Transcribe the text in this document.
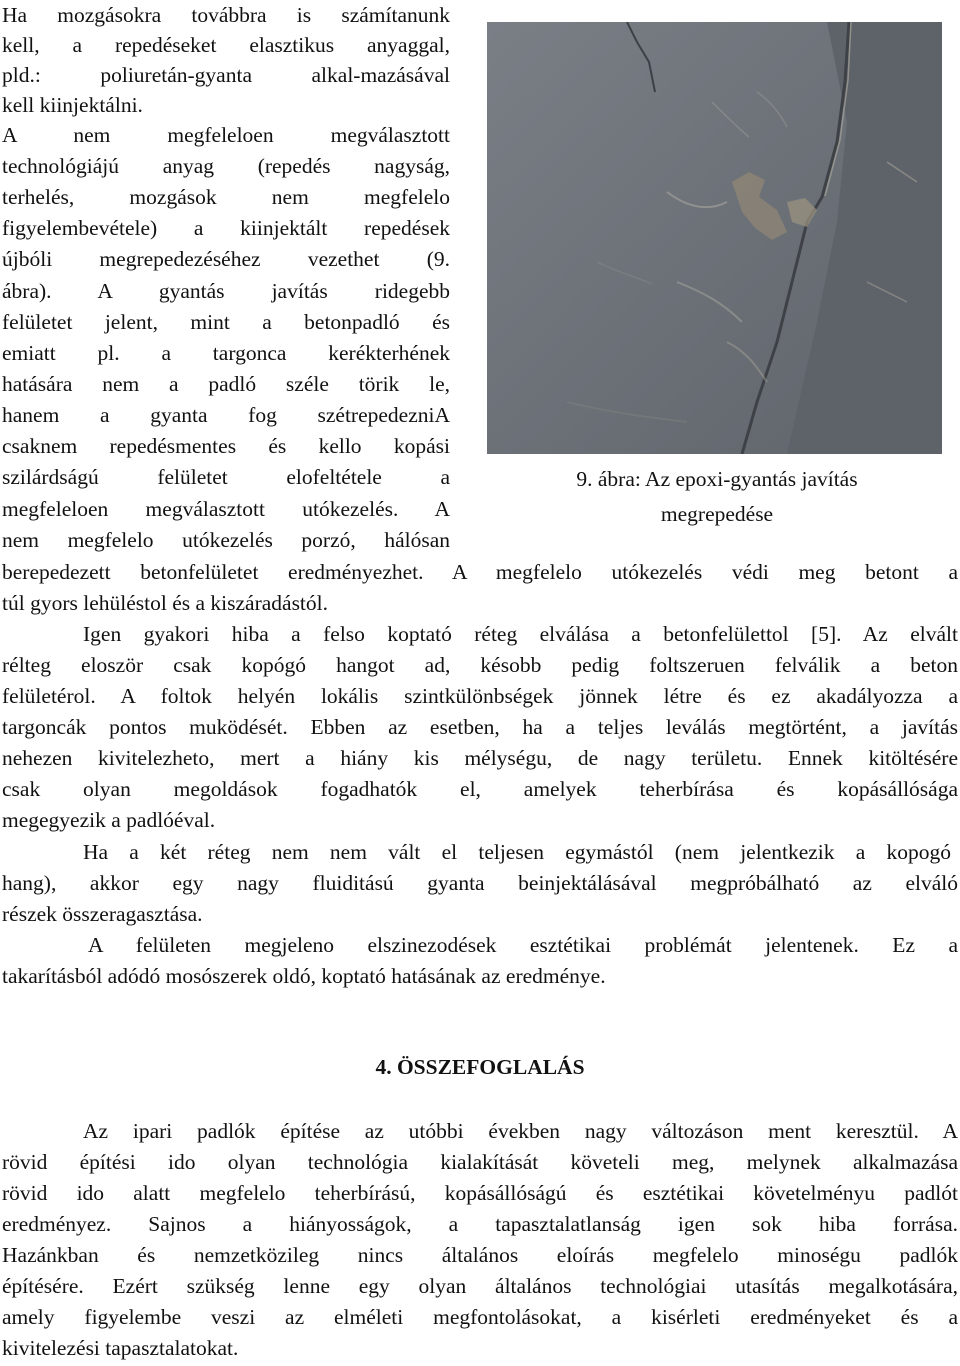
Ha mozgásokra továbbra is számítanunk
kell, a repedéseket elasztikus anyaggal,
pld.: poliuretán-gyanta alkal-mazásával
kell kiinjektálni.
A nem megfeleloen megválasztott
technológiájú anyag (repedés nagyság,
terhelés, mozgások nem megfelelo
figyelembevétele) a kiinjektált repedések
újbóli megrepedezéséhez vezethet (9.
ábra). A gyantás javítás ridegebb
felületet jelent, mint a betonpadló és
emiatt pl. a targonca kerékterhének
hatására nem a padló széle törik le,
hanem a gyanta fog szétrepedezniA
csaknem repedésmentes és kello kopási
szilárdságú felületet elofeltétele a
megfeleloen megválasztott utókezelés. A
nem megfelelo utókezelés porzó, hálósan
9. ábra: Az epoxi-gyantás javítás
megrepedése
berepedezett betonfelületet eredményezhet. A megfelelo utókezelés védi meg betont a
túl gyors lehüléstol és a kiszáradástól.
Igen gyakori hiba a felso koptató réteg elválása a betonfelülettol [5]. Az elvált
rélteg eloször csak kopógó hangot ad, késobb pedig foltszeruen felválik a beton
felületérol. A foltok helyén lokális szintkülönbségek jönnek létre és ez akadályozza a
targoncák pontos muködését. Ebben az esetben, ha a teljes leválás megtörtént, a javítás
nehezen kivitelezheto, mert a hiány kis mélységu, de nagy területu. Ennek kitöltésére
csak olyan megoldások fogadhatók el, amelyek teherbírása és kopásállósága
megegyezik a padlóéval.
Ha a két réteg nem nem vált el teljesen egymástól (nem jelentkezik a kopogó
hang), akkor egy nagy fluiditású gyanta beinjektálásával megpróbálható az elváló
részek összeragasztása.
A felületen megjeleno elszinezodések esztétikai problémát jelentenek. Ez a
takarításból adódó mosószerek oldó, koptató hatásának az eredménye.
4. ÖSSZEFOGLALÁS
Az ipari padlók építése az utóbbi években nagy változáson ment keresztül. A
rövid építési ido olyan technológia kialakítását követeli meg, melynek alkalmazása
rövid ido alatt megfelelo teherbírású, kopásállóságú és esztétikai követelményu padlót
eredményez. Sajnos a hiányosságok, a tapasztalatlanság igen sok hiba forrása.
Hazánkban és nemzetközileg nincs általános eloírás megfelelo minoségu padlók
építésére. Ezért szükség lenne egy olyan általános technológiai utasítás megalkotására,
amely figyelembe veszi az elméleti megfontolásokat, a kisérleti eredményeket és a
kivitelezési tapasztalatokat.
